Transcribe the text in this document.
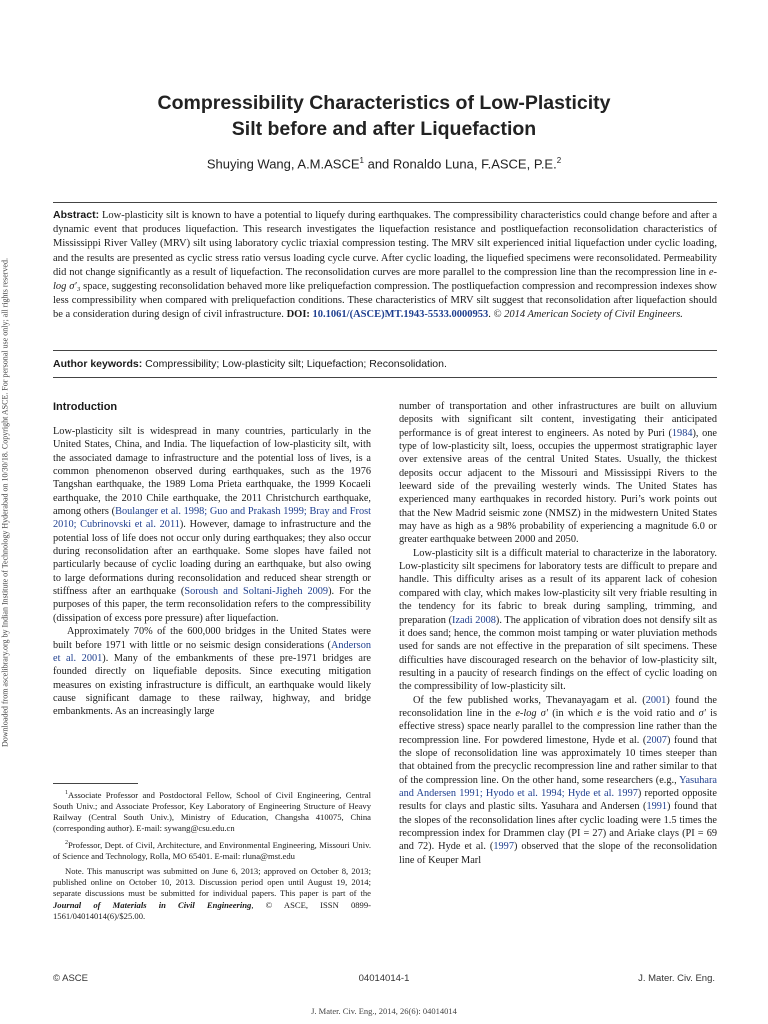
Downloaded from ascelibrary.org by Indian Institute of Technology Hyderabad on 10/30/18. Copyright ASCE. For personal use only; all rights reserved.
Compressibility Characteristics of Low-Plasticity
Silt before and after Liquefaction
Shuying Wang, A.M.ASCE$^1$ and Ronaldo Luna, F.ASCE, P.E.$^2$

Abstract: Low-plasticity silt is known to have a potential to liquefy during earthquakes. The compressibility characteristics could change before and after a dynamic event that produces liquefaction. This research investigates the liquefaction resistance and postliquefaction reconsolidation characteristics of Mississippi River Valley (MRV) silt using laboratory cyclic triaxial compression testing. The MRV silt experienced initial liquefaction under cyclic loading, and the results are presented as cyclic stress ratio versus loading cycle curve. After cyclic loading, the liquefied specimens were reconsolidated. Permeability did not change significantly as a result of liquefaction. The reconsolidation curves are more parallel to the compression line than the recompression line in e-log σ′₃ space, suggesting reconsolidation behaved more like preliquefaction compression. The postliquefaction compression and recompression indexes show less compressibility when compared with preliquefaction conditions. These characteristics of MRV silt suggest that reconsolidation after liquefaction should be a consideration during design of civil infrastructure. DOI: 10.1061/(ASCE)MT.1943-5533.0000953. © 2014 American Society of Civil Engineers.

Author keywords: Compressibility; Low-plasticity silt; Liquefaction; Reconsolidation.

Introduction

Low-plasticity silt is widespread in many countries, particularly in the United States, China, and India. The liquefaction of low-plasticity silt, with the associated damage to infrastructure and the potential loss of lives, is a common phenomenon observed during earthquakes, such as the 1976 Tangshan earthquake, the 1989 Loma Prieta earthquake, the 1999 Kocaeli earthquake, the 2010 Chile earthquake, the 2011 Christchurch earthquake, among others (Boulanger et al. 1998; Guo and Prakash 1999; Bray and Frost 2010; Cubrinovski et al. 2011). However, damage to infrastructure and the potential loss of life does not occur only during earthquakes; they also occur during reconsolidation after an earthquake. Some slopes have failed not particularly because of cyclic loading during an earthquake, but also owing to large deformations during reconsolidation and reduced shear strength or stiffness after an earthquake (Soroush and Soltani-Jigheh 2009). For the purposes of this paper, the term reconsolidation refers to the compressibility (dissipation of excess pore pressure) after liquefaction.

Approximately 70% of the 600,000 bridges in the United States were built before 1971 with little or no seismic design considerations (Anderson et al. 2001). Many of the embankments of these pre-1971 bridges are founded directly on liquefiable deposits. Since executing mitigation measures on existing infrastructure is difficult, an earthquake would likely cause significant damage to these railway, highway, and bridge embankments. As an increasingly large

number of transportation and other infrastructures are built on alluvium deposits with significant silt content, investigating their anticipated performance is of great interest to engineers. As noted by Puri (1984), one type of low-plasticity silt, loess, occupies the uppermost stratigraphic layer over extensive areas of the central United States. Usually, the thickest deposits occur adjacent to the Missouri and Mississippi Rivers to the leeward side of the prevailing westerly winds. The United States has experienced many earthquakes in recorded history. Puri’s work points out that the New Madrid seismic zone (NMSZ) in the midwestern United States may have as high as a 98% probability of experiencing a magnitude 6.0 or greater earthquake between 2000 and 2050.

Low-plasticity silt is a difficult material to characterize in the laboratory. Low-plasticity silt specimens for laboratory tests are difficult to prepare and handle. This difficulty arises as a result of its apparent lack of cohesion compared with clay, which makes low-plasticity silt very friable resulting in the tendency for its fabric to break during sampling, trimming, and preparation (Izadi 2008). The application of vibration does not densify silt as it does sand; hence, the common moist tamping or water pluviation methods used for sands are not effective in the preparation of silt specimens. These difficulties have discouraged research on the behavior of low-plasticity silt, resulting in a paucity of research findings on the effect of cyclic loading on the compressibility of low-plasticity silt.

Of the few published works, Thevanayagam et al. (2001) found the reconsolidation line in the e-log σ′ (in which e is the void ratio and σ′ is effective stress) space nearly parallel to the compression line rather than the recompression line. For powdered limestone, Hyde et al. (2007) found that the slope of reconsolidation line was approximately 10 times steeper than that obtained from the precyclic recompression line and rather similar to that of the compression line. On the other hand, some researchers (e.g., Yasuhara and Andersen 1991; Hyodo et al. 1994; Hyde et al. 1997) reported opposite results for clays and plastic silts. Yasuhara and Andersen (1991) found that the slopes of the reconsolidation lines after cyclic loading were 1.5 times the recompression index for Drammen clay (PI = 27) and Ariake clays (PI = 69 and 72). Hyde et al. (1997) observed that the slope of the reconsolidation line of Keuper Marl

$^1$Associate Professor and Postdoctoral Fellow, School of Civil Engineering, Central South Univ.; and Associate Professor, Key Laboratory of Engineering Structure of Heavy Railway (Central South Univ.), Ministry of Education, Changsha 410075, China (corresponding author). E-mail: sywang@csu.edu.cn

$^2$Professor, Dept. of Civil, Architecture, and Environmental Engineering, Missouri Univ. of Science and Technology, Rolla, MO 65401. E-mail: rluna@mst.edu

Note. This manuscript was submitted on June 6, 2013; approved on October 8, 2013; published online on October 10, 2013. Discussion period open until August 19, 2014; separate discussions must be submitted for individual papers. This paper is part of the Journal of Materials in Civil Engineering, © ASCE, ISSN 0899-1561/04014014(6)/$25.00.

© ASCE	04014014-1	J. Mater. Civ. Eng.
J. Mater. Civ. Eng., 2014, 26(6): 04014014
